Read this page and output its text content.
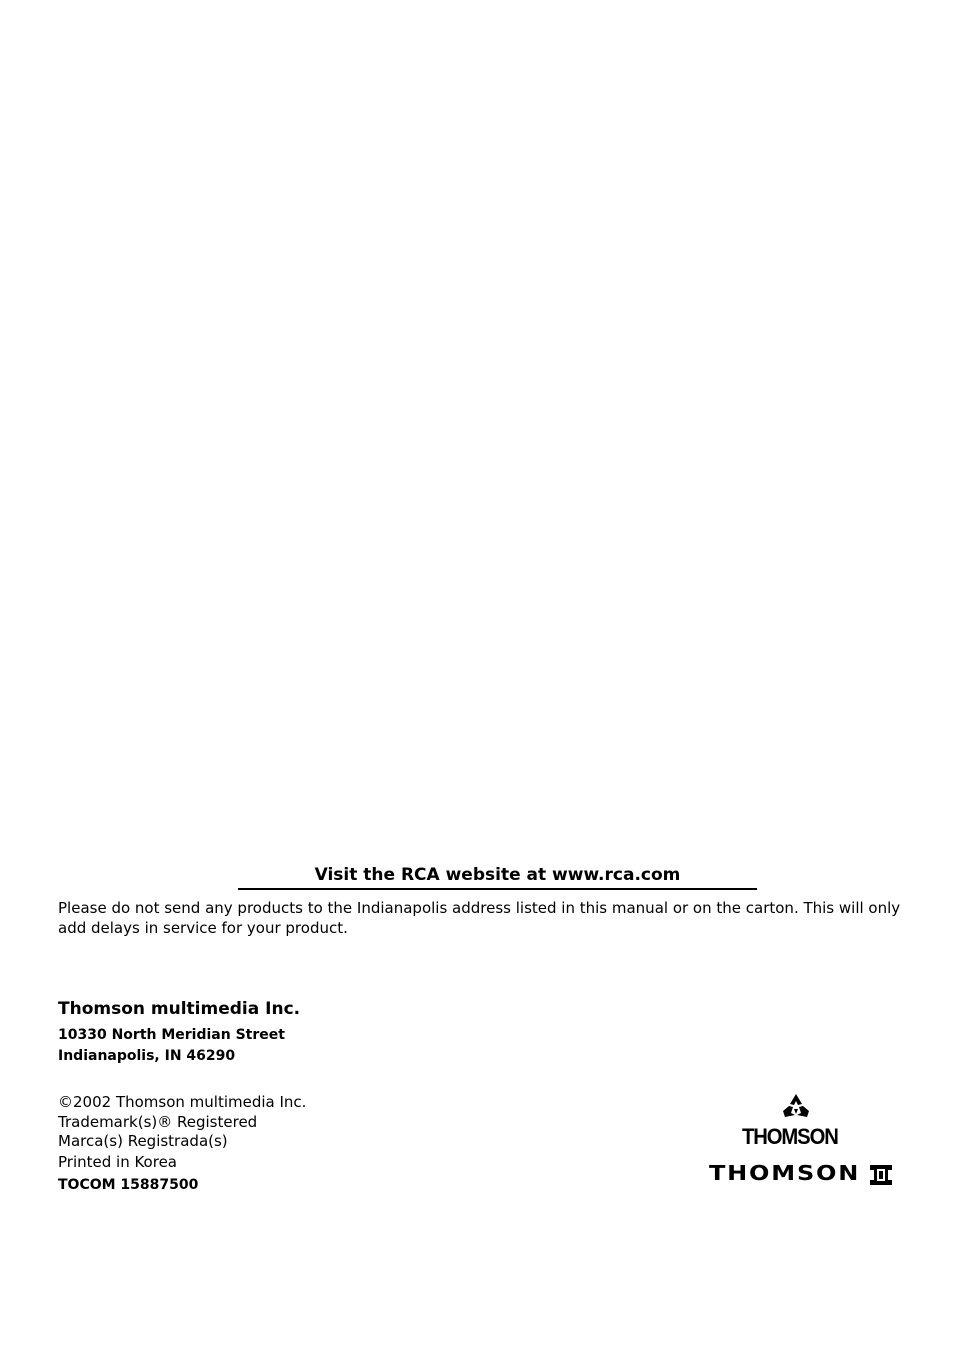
Visit the RCA website at www.rca.com
Please do not send any products to the Indianapolis address listed in this manual or on the carton. This will only add delays in service for your product.
Thomson multimedia Inc.
10330 North Meridian Street
Indianapolis, IN 46290
©2002 Thomson multimedia Inc.
Trademark(s)® Registered
Marca(s) Registrada(s)
Printed in Korea
TOCOM 15887500
THOMSON
THOMSON
